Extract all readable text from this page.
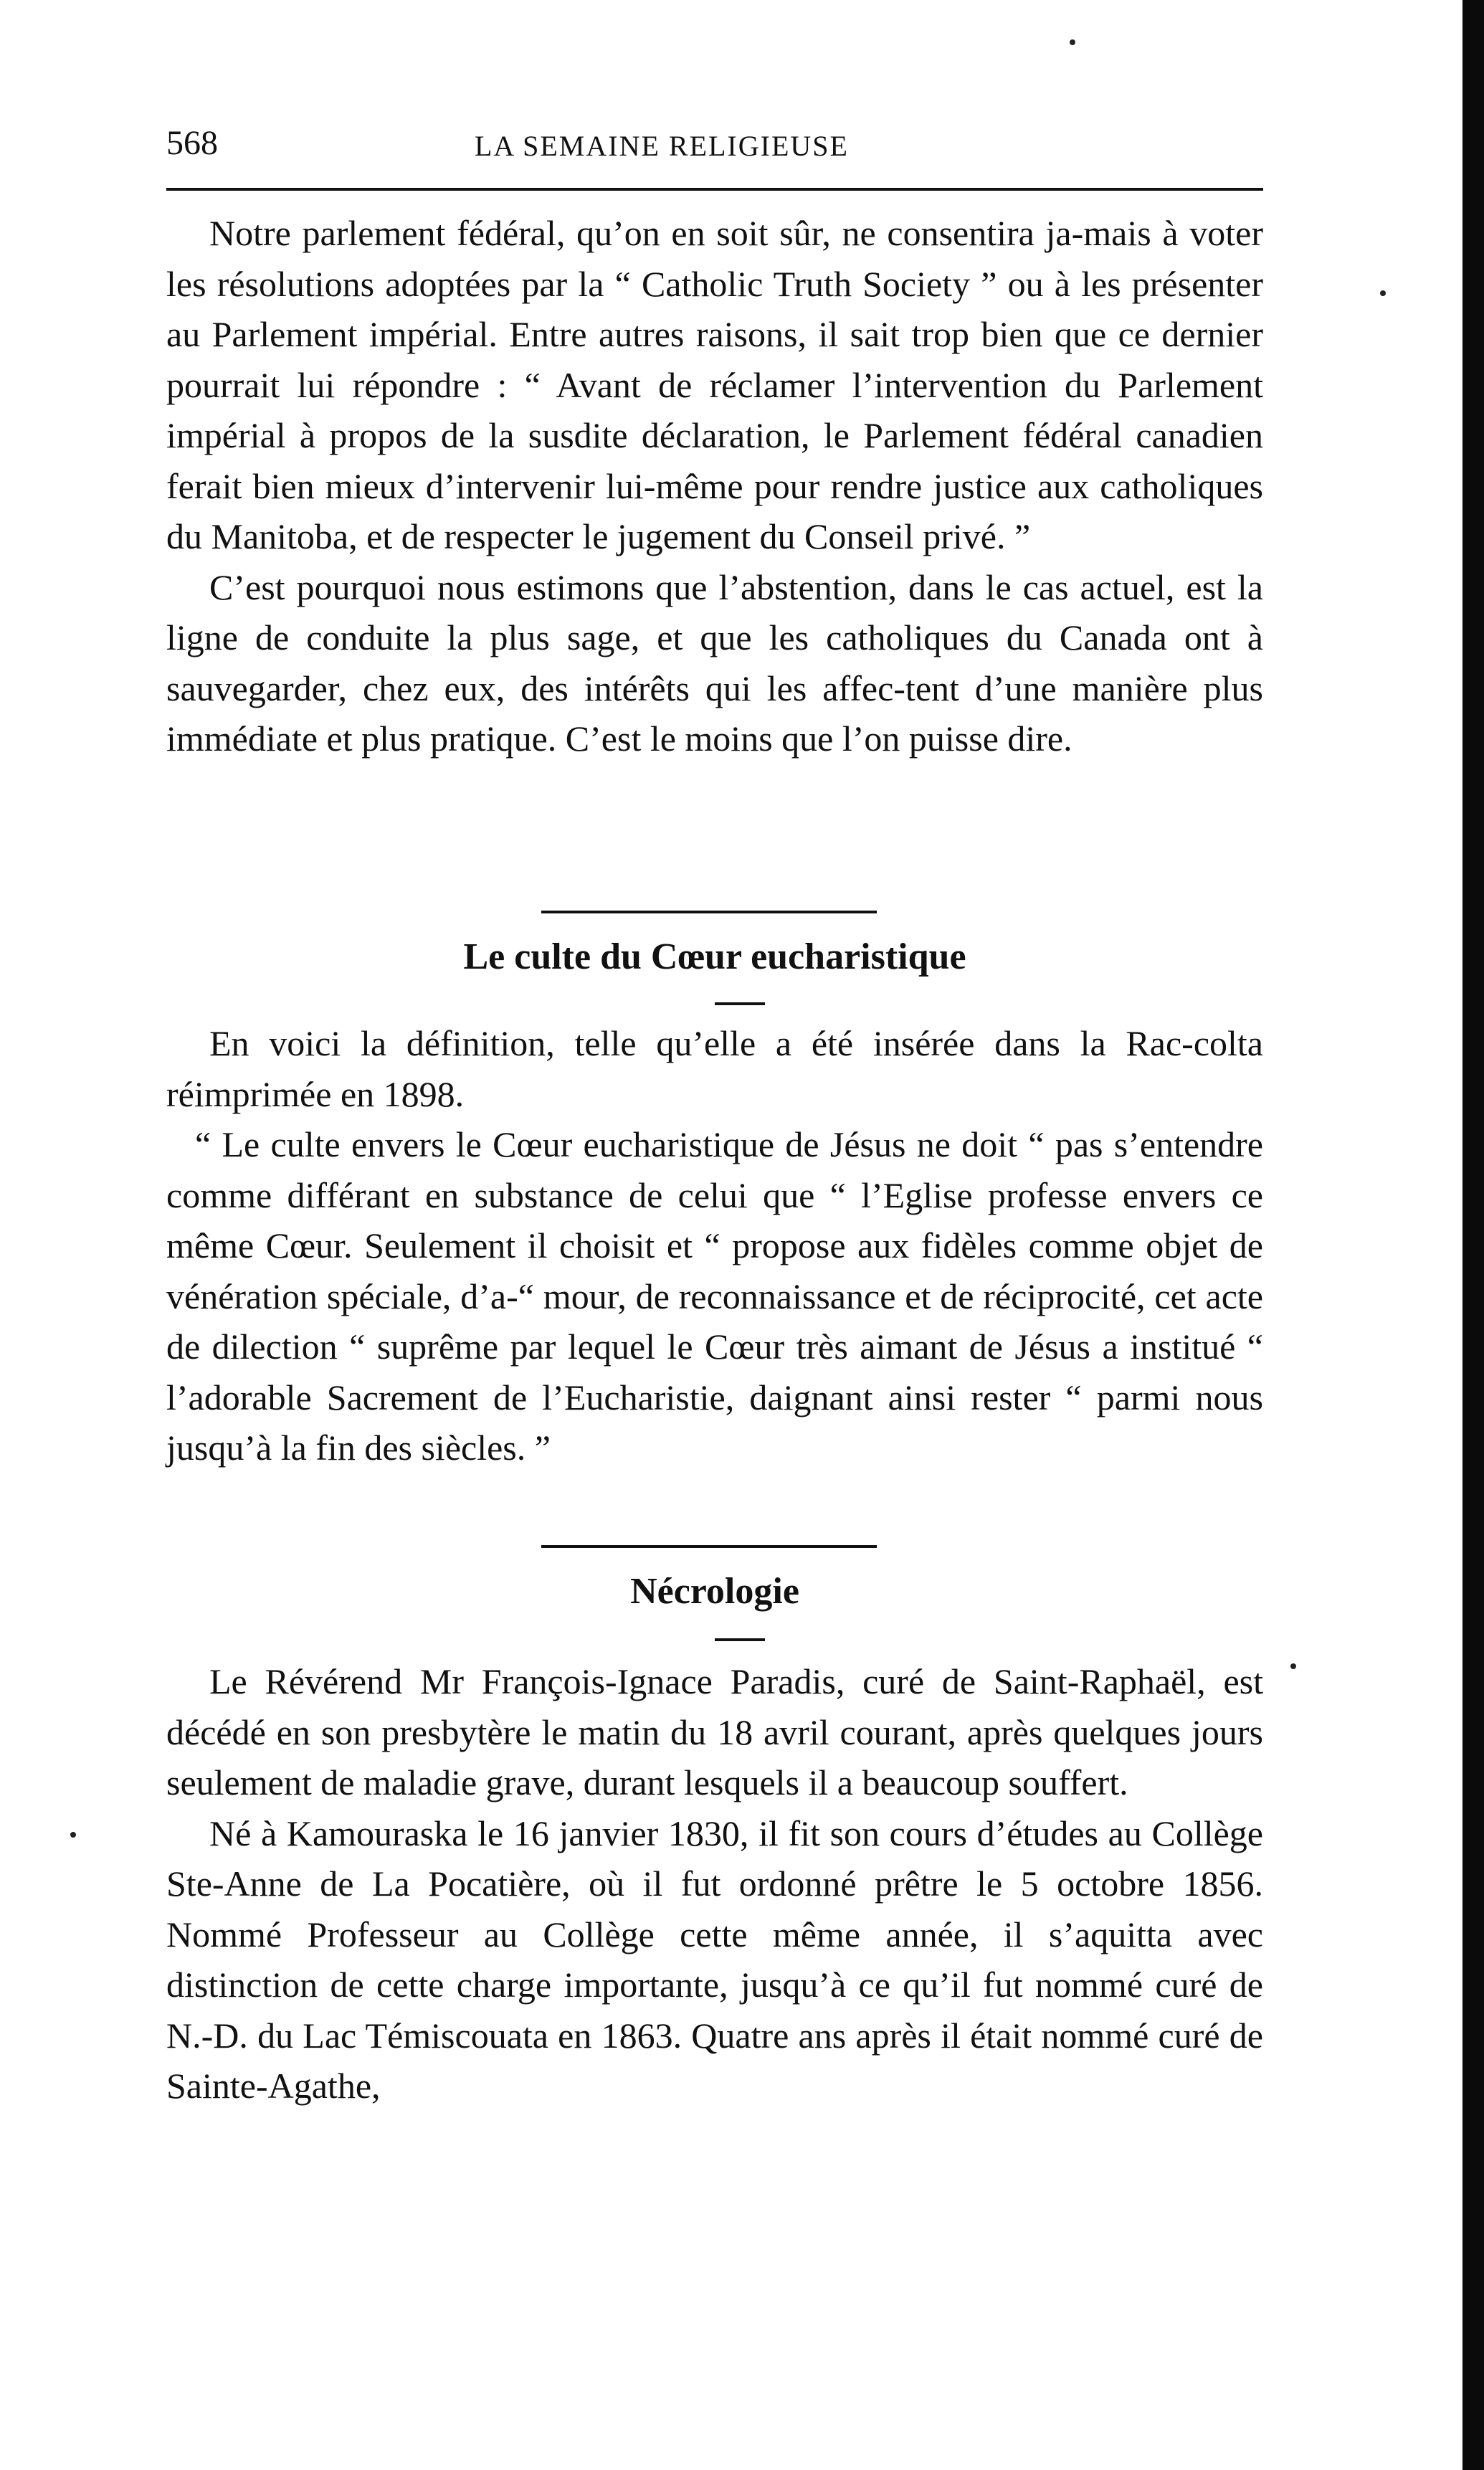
568	LA SEMAINE RELIGIEUSE

Notre parlement fédéral, qu’on en soit sûr, ne consentira ja-mais à voter les résolutions adoptées par la “ Catholic Truth Society ” ou à les présenter au Parlement impérial. Entre autres raisons, il sait trop bien que ce dernier pourrait lui répondre : “ Avant de réclamer l’intervention du Parlement impérial à propos de la susdite déclaration, le Parlement fédéral canadien ferait bien mieux d’intervenir lui-même pour rendre justice aux catholiques du Manitoba, et de respecter le jugement du Conseil privé. ”

C’est pourquoi nous estimons que l’abstention, dans le cas actuel, est la ligne de conduite la plus sage, et que les catholiques du Canada ont à sauvegarder, chez eux, des intérêts qui les affec-tent d’une manière plus immédiate et plus pratique. C’est le moins que l’on puisse dire.

Le culte du Cœur eucharistique

En voici la définition, telle qu’elle a été insérée dans la Rac-colta réimprimée en 1898.

“ Le culte envers le Cœur eucharistique de Jésus ne doit “ pas s’entendre comme différant en substance de celui que “ l’Eglise professe envers ce même Cœur. Seulement il choisit et “ propose aux fidèles comme objet de vénération spéciale, d’a-“ mour, de reconnaissance et de réciprocité, cet acte de dilection “ suprême par lequel le Cœur très aimant de Jésus a institué “ l’adorable Sacrement de l’Eucharistie, daignant ainsi rester “ parmi nous jusqu’à la fin des siècles. ”

Nécrologie

Le Révérend Mr François-Ignace Paradis, curé de Saint-Raphaël, est décédé en son presbytère le matin du 18 avril courant, après quelques jours seulement de maladie grave, durant lesquels il a beaucoup souffert.

Né à Kamouraska le 16 janvier 1830, il fit son cours d’études au Collège Ste-Anne de La Pocatière, où il fut ordonné prêtre le 5 octobre 1856. Nommé Professeur au Collège cette même année, il s’aquitta avec distinction de cette charge importante, jusqu’à ce qu’il fut nommé curé de N.-D. du Lac Témiscouata en 1863. Quatre ans après il était nommé curé de Sainte-Agathe,
